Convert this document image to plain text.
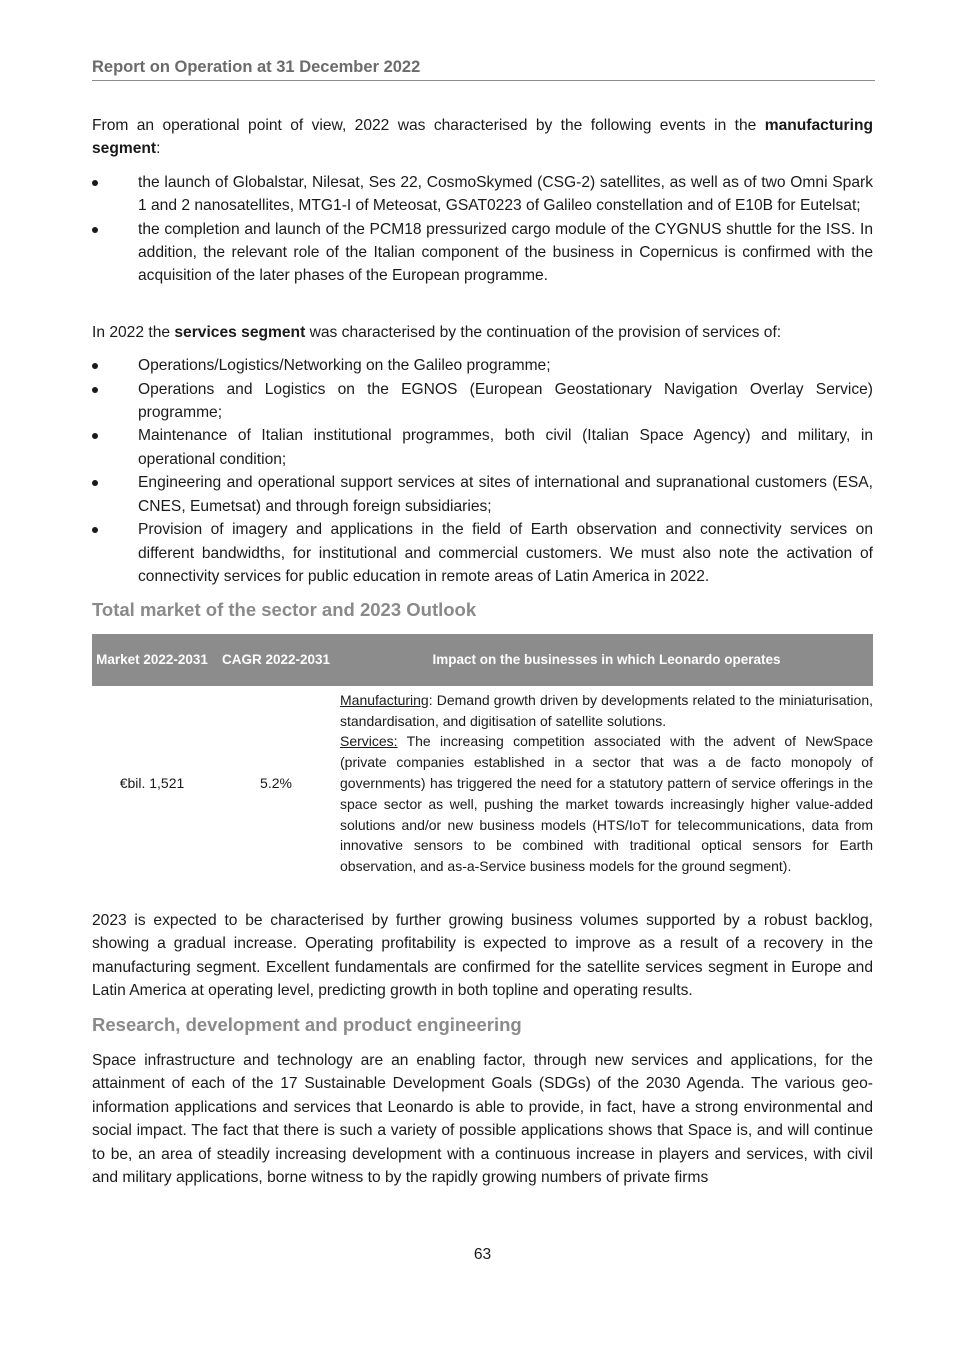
Report on Operation at 31 December 2022

From an operational point of view, 2022 was characterised by the following events in the manufacturing segment:

the launch of Globalstar, Nilesat, Ses 22, CosmoSkymed (CSG-2) satellites, as well as of two Omni Spark 1 and 2 nanosatellites, MTG1-I of Meteosat, GSAT0223 of Galileo constellation and of E10B for Eutelsat;
the completion and launch of the PCM18 pressurized cargo module of the CYGNUS shuttle for the ISS. In addition, the relevant role of the Italian component of the business in Copernicus is confirmed with the acquisition of the later phases of the European programme.

In 2022 the services segment was characterised by the continuation of the provision of services of:

Operations/Logistics/Networking on the Galileo programme;
Operations and Logistics on the EGNOS (European Geostationary Navigation Overlay Service) programme;
Maintenance of Italian institutional programmes, both civil (Italian Space Agency) and military, in operational condition;
Engineering and operational support services at sites of international and supranational customers (ESA, CNES, Eumetsat) and through foreign subsidiaries;
Provision of imagery and applications in the field of Earth observation and connectivity services on different bandwidths, for institutional and commercial customers. We must also note the activation of connectivity services for public education in remote areas of Latin America in 2022.
Total market of the sector and 2023 Outlook
Market 2022-2031	CAGR 2022-2031	Impact on the businesses in which Leonardo operates
€bil. 1,521	5.2%	Manufacturing: Demand growth driven by developments related to the miniaturisation, standardisation, and digitisation of satellite solutions.
Services: The increasing competition associated with the advent of NewSpace (private companies established in a sector that was a de facto monopoly of governments) has triggered the need for a statutory pattern of service offerings in the space sector as well, pushing the market towards increasingly higher value-added solutions and/or new business models (HTS/IoT for telecommunications, data from innovative sensors to be combined with traditional optical sensors for Earth observation, and as-a-Service business models for the ground segment).

2023 is expected to be characterised by further growing business volumes supported by a robust backlog, showing a gradual increase. Operating profitability is expected to improve as a result of a recovery in the manufacturing segment. Excellent fundamentals are confirmed for the satellite services segment in Europe and Latin America at operating level, predicting growth in both topline and operating results.

Research, development and product engineering

Space infrastructure and technology are an enabling factor, through new services and applications, for the attainment of each of the 17 Sustainable Development Goals (SDGs) of the 2030 Agenda. The various geo-information applications and services that Leonardo is able to provide, in fact, have a strong environmental and social impact. The fact that there is such a variety of possible applications shows that Space is, and will continue to be, an area of steadily increasing development with a continuous increase in players and services, with civil and military applications, borne witness to by the rapidly growing numbers of private firms

63
